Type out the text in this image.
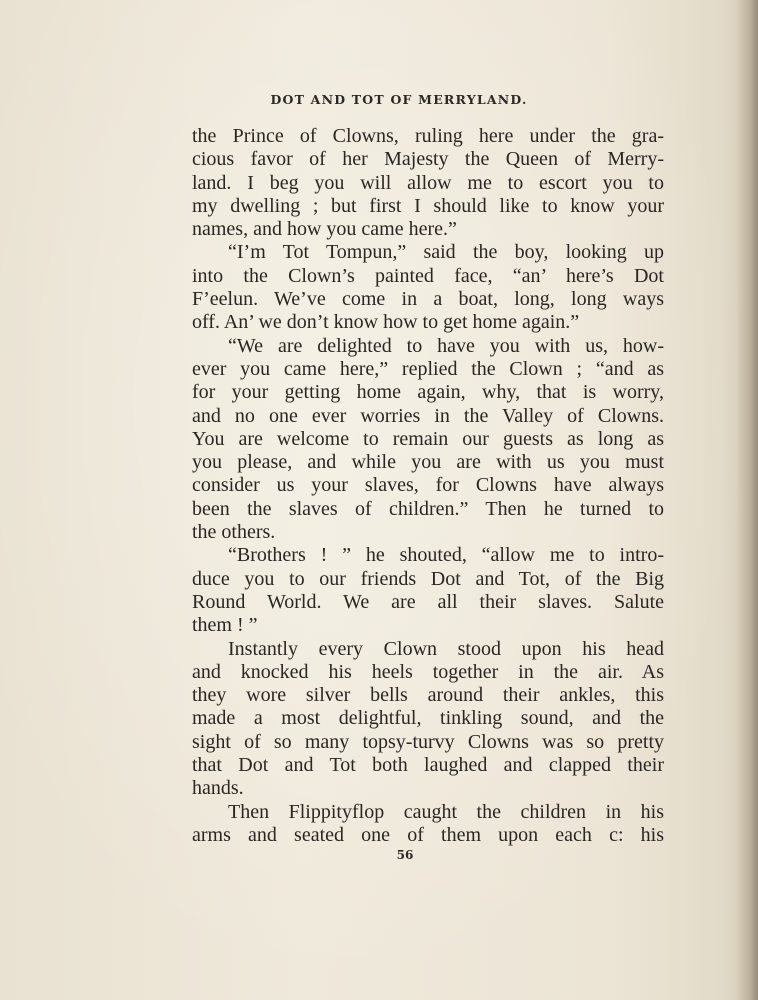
DOT AND TOT OF MERRYLAND.
the Prince of Clowns, ruling here under the gra-
cious favor of her Majesty the Queen of Merry-
land. I beg you will allow me to escort you to
my dwelling ; but first I should like to know your
names, and how you came here.”
“I’m Tot Tompun,” said the boy, looking up
into the Clown’s painted face, “an’ here’s Dot
F’eelun. We’ve come in a boat, long, long ways
off. An’ we don’t know how to get home again.”
“We are delighted to have you with us, how-
ever you came here,” replied the Clown ; “and as
for your getting home again, why, that is worry,
and no one ever worries in the Valley of Clowns.
You are welcome to remain our guests as long as
you please, and while you are with us you must
consider us your slaves, for Clowns have always
been the slaves of children.” Then he turned to
the others.
“Brothers ! ” he shouted, “allow me to intro-
duce you to our friends Dot and Tot, of the Big
Round World. We are all their slaves. Salute
them ! ”
Instantly every Clown stood upon his head
and knocked his heels together in the air. As
they wore silver bells around their ankles, this
made a most delightful, tinkling sound, and the
sight of so many topsy-turvy Clowns was so pretty
that Dot and Tot both laughed and clapped their
hands.
Then Flippityflop caught the children in his
arms and seated one of them upon each c: his
56
